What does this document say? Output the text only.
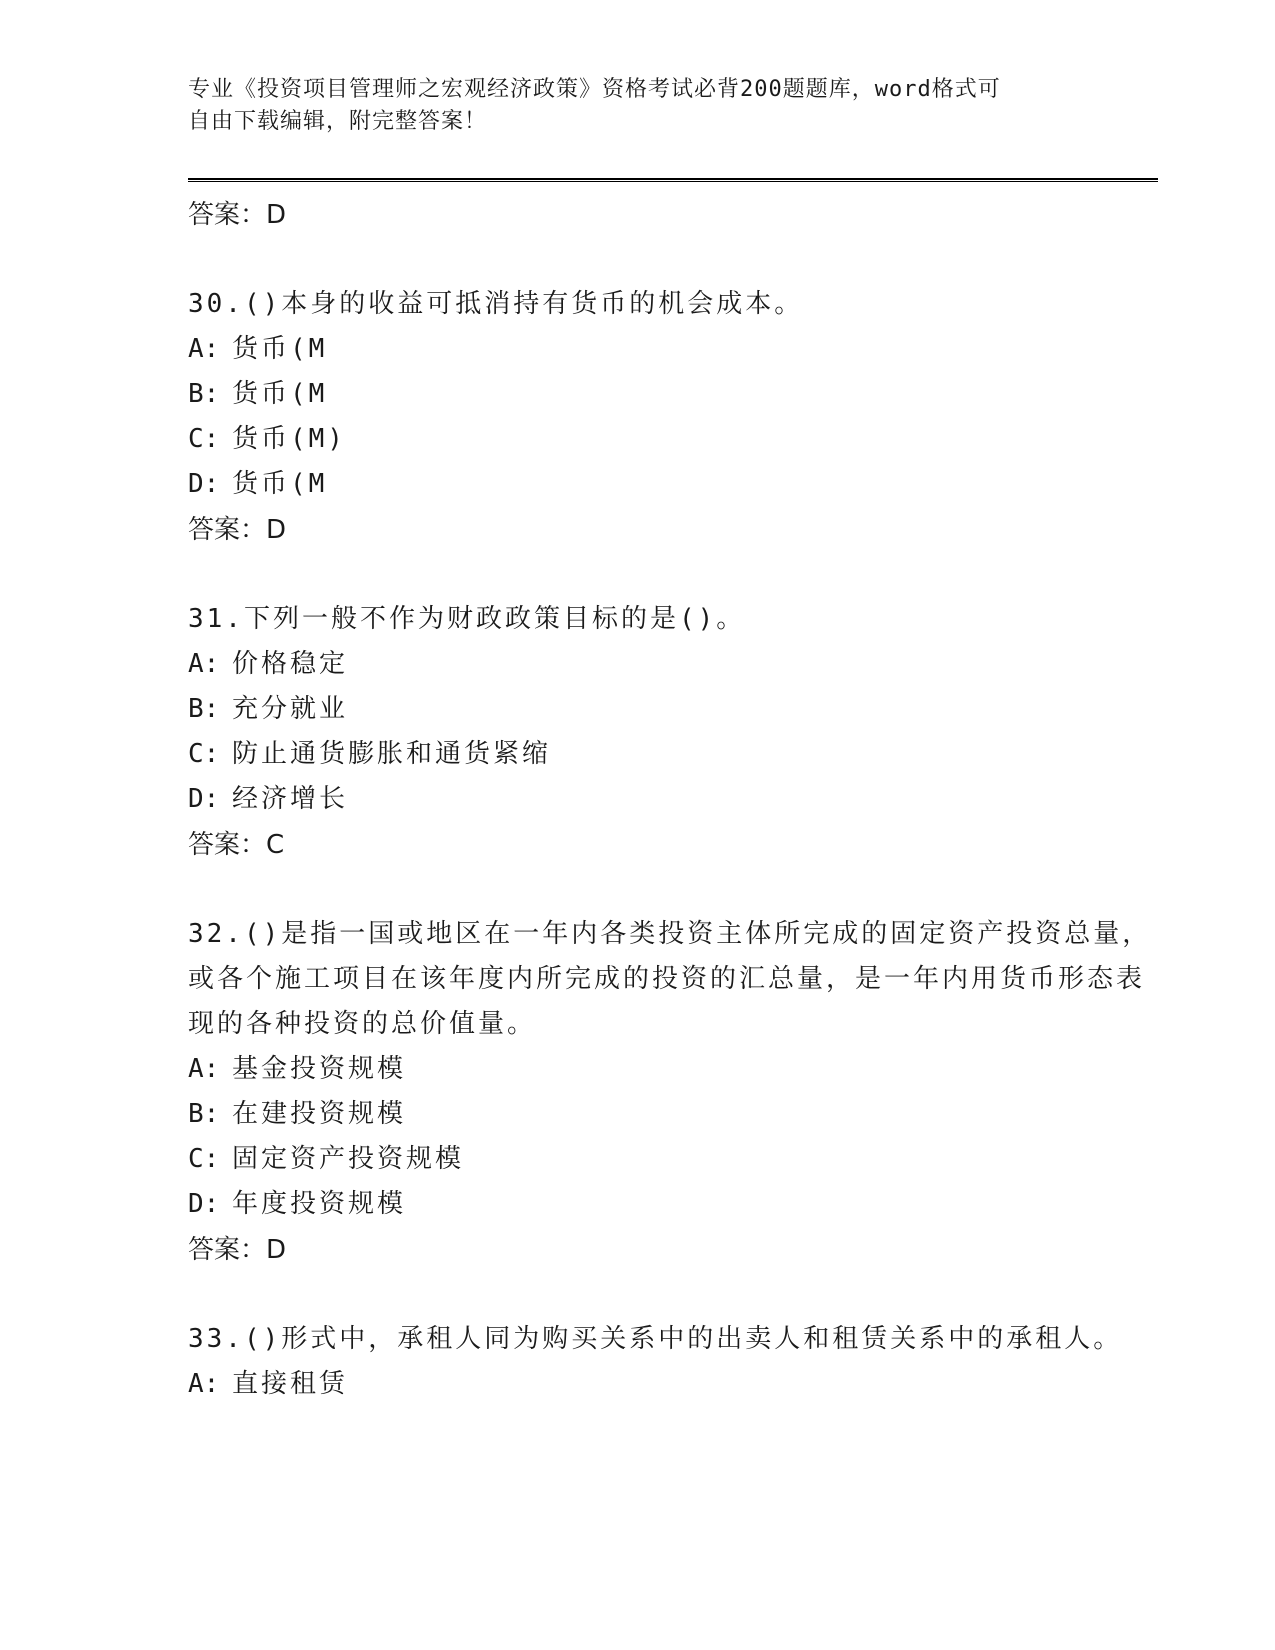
专业《投资项目管理师之宏观经济政策》资格考试必背200题题库，word格式可
自由下载编辑，附完整答案！
答案：D
30.()本身的收益可抵消持有货币的机会成本。
A: 货币(M
B: 货币(M
C: 货币(M)
D: 货币(M
答案：D
31.下列一般不作为财政政策目标的是()。
A: 价格稳定
B: 充分就业
C: 防止通货膨胀和通货紧缩
D: 经济增长
答案：C
32.()是指一国或地区在一年内各类投资主体所完成的固定资产投资总量，或各个施工项目在该年度内所完成的投资的汇总量，是一年内用货币形态表现的各种投资的总价值量。
A: 基金投资规模
B: 在建投资规模
C: 固定资产投资规模
D: 年度投资规模
答案：D
33.()形式中，承租人同为购买关系中的出卖人和租赁关系中的承租人。
A: 直接租赁
